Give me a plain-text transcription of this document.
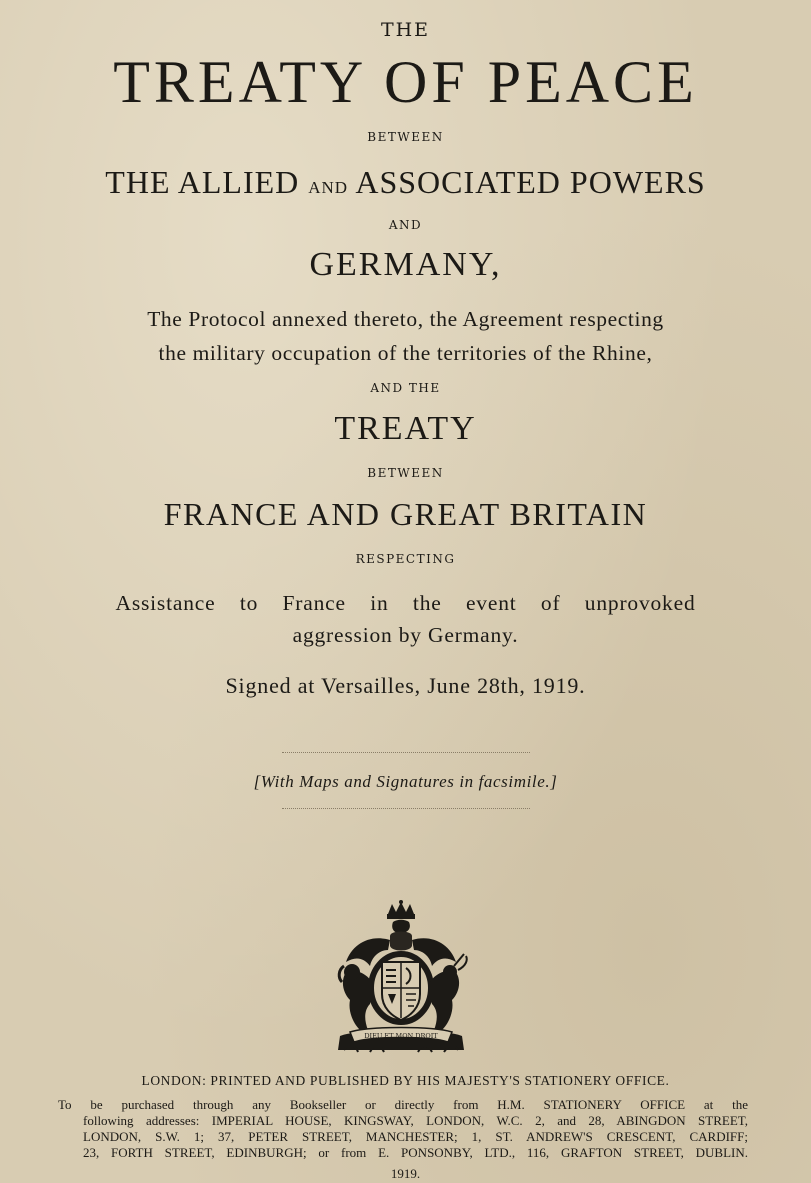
THE
TREATY OF PEACE
BETWEEN
THE ALLIED AND ASSOCIATED POWERS
AND
GERMANY,
The Protocol annexed thereto, the Agreement respecting
the military occupation of the territories of the Rhine,
AND THE
TREATY
BETWEEN
FRANCE AND GREAT BRITAIN
RESPECTING
Assistance to France in the event of unprovoked
aggression by Germany.
Signed at Versailles, June 28th, 1919.
[With Maps and Signatures in facsimile.]
DIEU ET MON DROIT
LONDON: PRINTED AND PUBLISHED BY HIS MAJESTY'S STATIONERY OFFICE.
To be purchased through any Bookseller or directly from H.M. STATIONERY OFFICE at the
following addresses: IMPERIAL HOUSE, KINGSWAY, LONDON, W.C. 2, and 28, ABINGDON STREET,
LONDON, S.W. 1; 37, PETER STREET, MANCHESTER; 1, ST. ANDREW'S CRESCENT, CARDIFF;
23, FORTH STREET, EDINBURGH; or from E. PONSONBY, LTD., 116, GRAFTON STREET, DUBLIN.
1919.
